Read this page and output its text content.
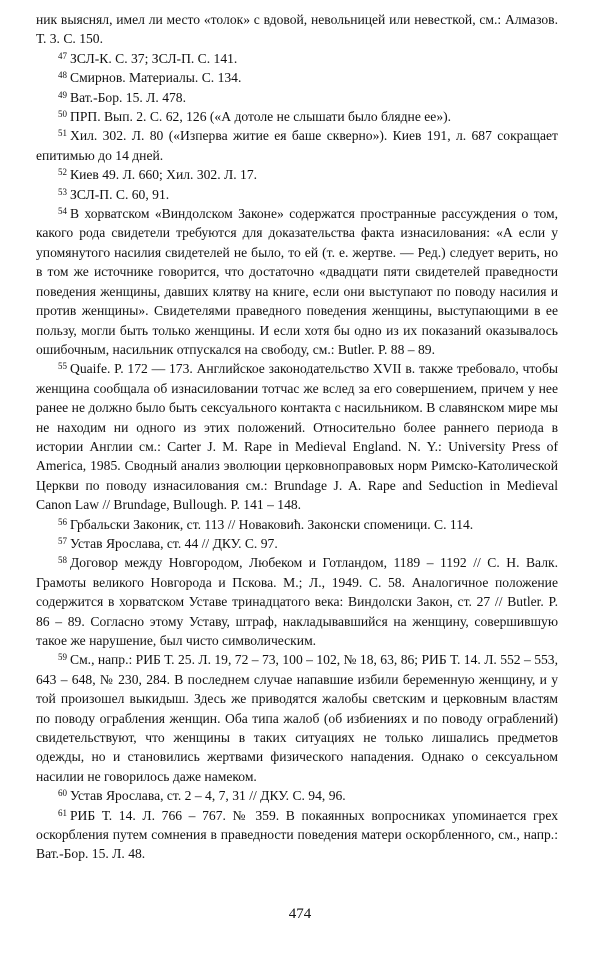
ник выяснял, имел ли место «толок» с вдовой, невольницей или невесткой, см.: Алмазов. Т. 3. С. 150.

$^{47}$ ЗСЛ-К. С. 37; ЗСЛ-П. С. 141.

$^{48}$ Смирнов. Материалы. С. 134.

$^{49}$ Ват.-Бор. 15. Л. 478.

$^{50}$ ПРП. Вып. 2. С. 62, 126 («А дотоле не слышати было блядне ее»).

$^{51}$ Хил. 302. Л. 80 («Изперва житие ея баше скверно»). Киев 191, л. 687 сокращает епитимью до 14 дней.

$^{52}$ Киев 49. Л. 660; Хил. 302. Л. 17.

$^{53}$ ЗСЛ-П. С. 60, 91.

$^{54}$ В хорватском «Виндолском Законе» содержатся пространные рассуждения о том, какого рода свидетели требуются для доказательства факта изнасилования: «А если у упомянутого насилия свидетелей не было, то ей (т. е. жертве. — Ред.) следует верить, но в том же источнике говорится, что достаточно «двадцати пяти свидетелей праведности поведения женщины, давших клятву на книге, если они выступают по поводу насилия и против женщины». Свидетелями праведного поведения женщины, выступающими в ее пользу, могли быть только женщины. И если хотя бы одно из их показаний оказывалось ошибочным, насильник отпускался на свободу, см.: Butler. P. 88 – 89.

$^{55}$ Quaife. P. 172 — 173. Английское законодательство XVII в. также требовало, чтобы женщина сообщала об изнасиловании тотчас же вслед за его совершением, причем у нее ранее не должно было быть сексуального контакта с насильником. В славянском мире мы не находим ни одного из этих положений. Относительно более раннего периода в истории Англии см.: Carter J. M. Rape in Medieval England. N. Y.: University Press of America, 1985. Сводный анализ эволюции церковноправовых норм Римско-Католической Церкви по поводу изнасилования см.: Brundage J. A. Rape and Seduction in Medieval Canon Law // Brundage, Bullough. P. 141 – 148.

$^{56}$ Грбальски Законик, ст. 113 // Новаковић. Законски споменици. С. 114.

$^{57}$ Устав Ярослава, ст. 44 // ДКУ. С. 97.

$^{58}$ Договор между Новгородом, Любеком и Готландом, 1189 – 1192 // С. Н. Валк. Грамоты великого Новгорода и Пскова. М.; Л., 1949. С. 58. Аналогичное положение содержится в хорватском Уставе тринадцатого века: Виндолски Закон, ст. 27 // Butler. P. 86 – 89. Согласно этому Уставу, штраф, накладывавшийся на женщину, совершившую такое же нарушение, был чисто символическим.

$^{59}$ См., напр.: РИБ Т. 25. Л. 19, 72 – 73, 100 – 102, № 18, 63, 86; РИБ Т. 14. Л. 552 – 553, 643 – 648, № 230, 284. В последнем случае напавшие избили беременную женщину, и у той произошел выкидыш. Здесь же приводятся жалобы светским и церковным властям по поводу ограбления женщин. Оба типа жалоб (об избиениях и по поводу ограблений) свидетельствуют, что женщины в таких ситуациях не только лишались предметов одежды, но и становились жертвами физического нападения. Однако о сексуальном насилии не говорилось даже намеком.

$^{60}$ Устав Ярослава, ст. 2 – 4, 7, 31 // ДКУ. С. 94, 96.

$^{61}$ РИБ Т. 14. Л. 766 – 767. № 359. В покаянных вопросниках упоминается грех оскорбления путем сомнения в праведности поведения матери оскорбленного, см., напр.: Ват.-Бор. 15. Л. 48.

474
